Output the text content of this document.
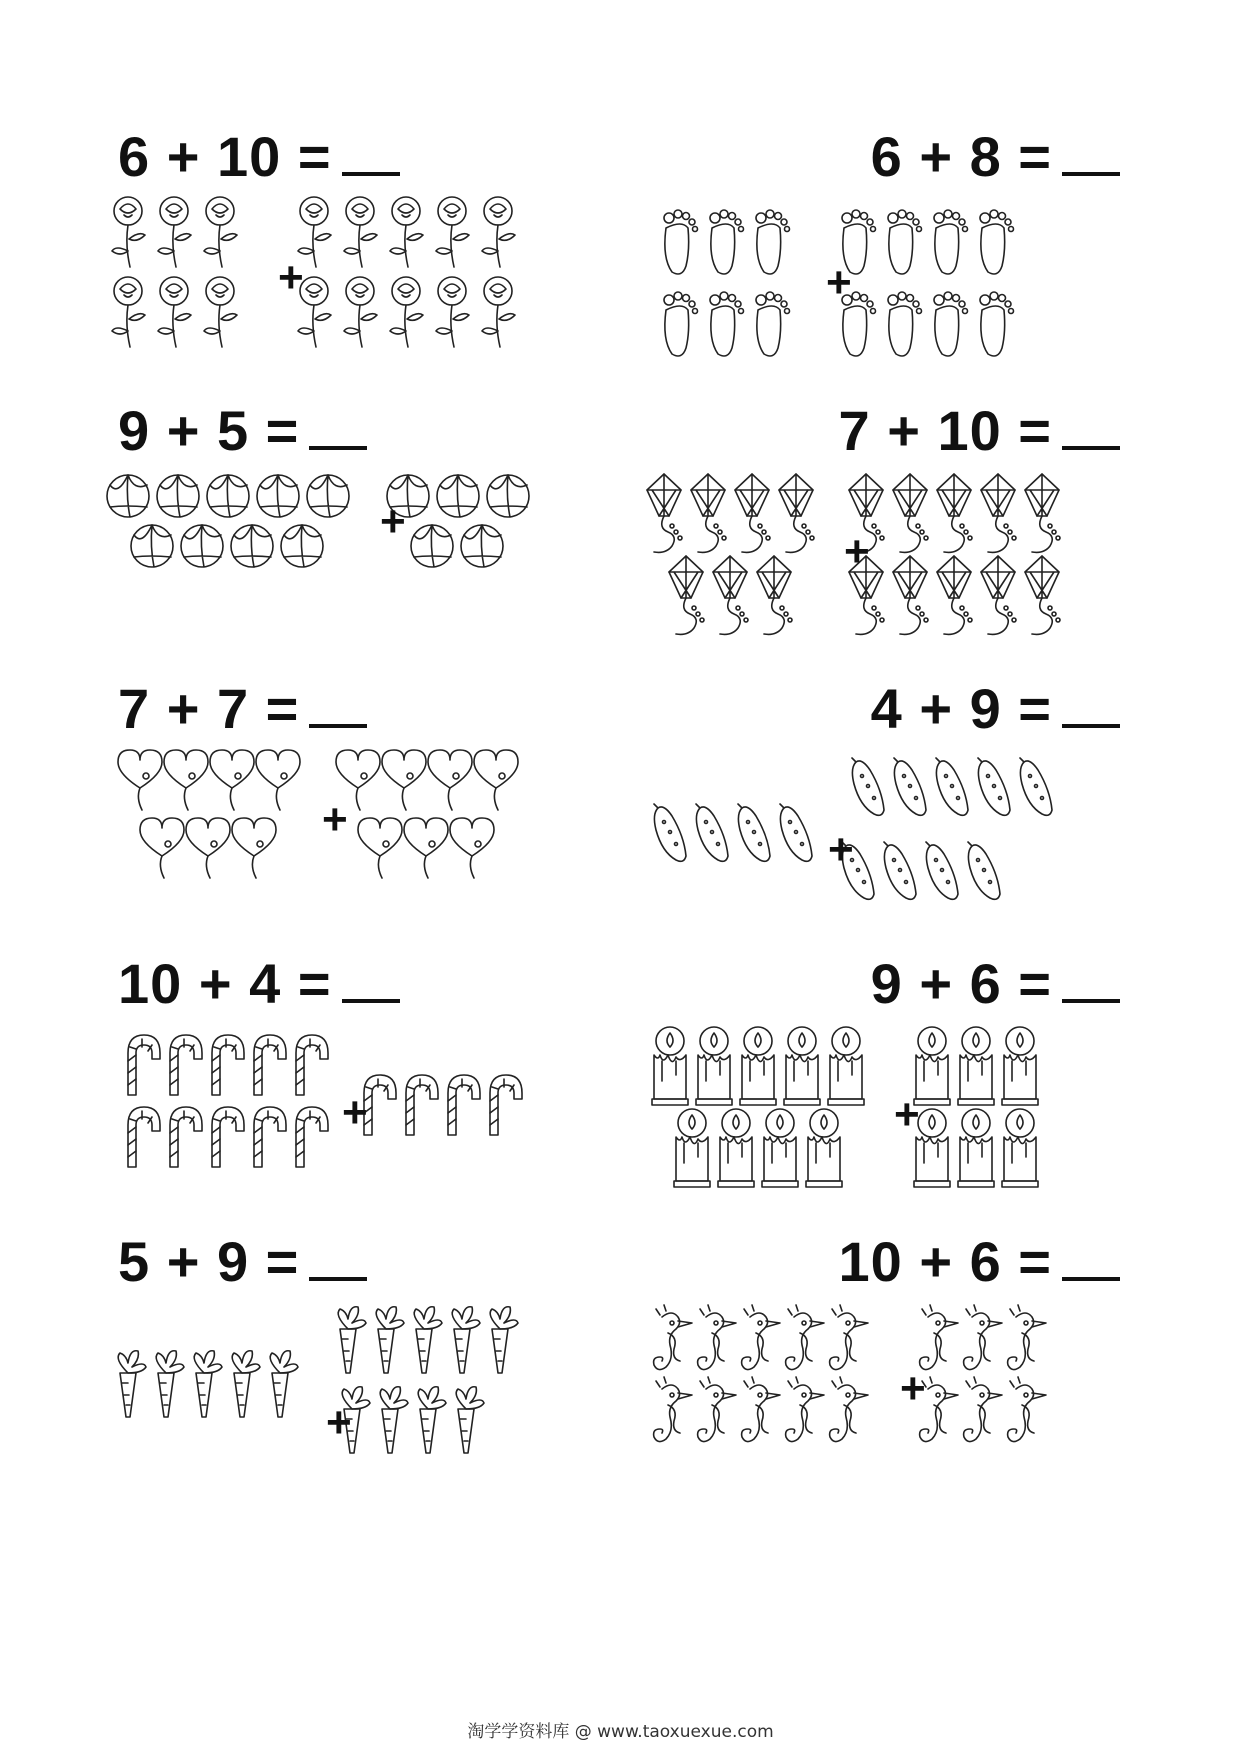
6 + 10 =
+
6 + 8 =
+
9 + 5 =
+
7 + 10 =
+
7 + 7 =
+
4 + 9 =
+
10 + 4 =
+
9 + 6 =
+
5 + 9 =
+
10 + 6 =
+
淘学学资料库 @ www.taoxuexue.com
